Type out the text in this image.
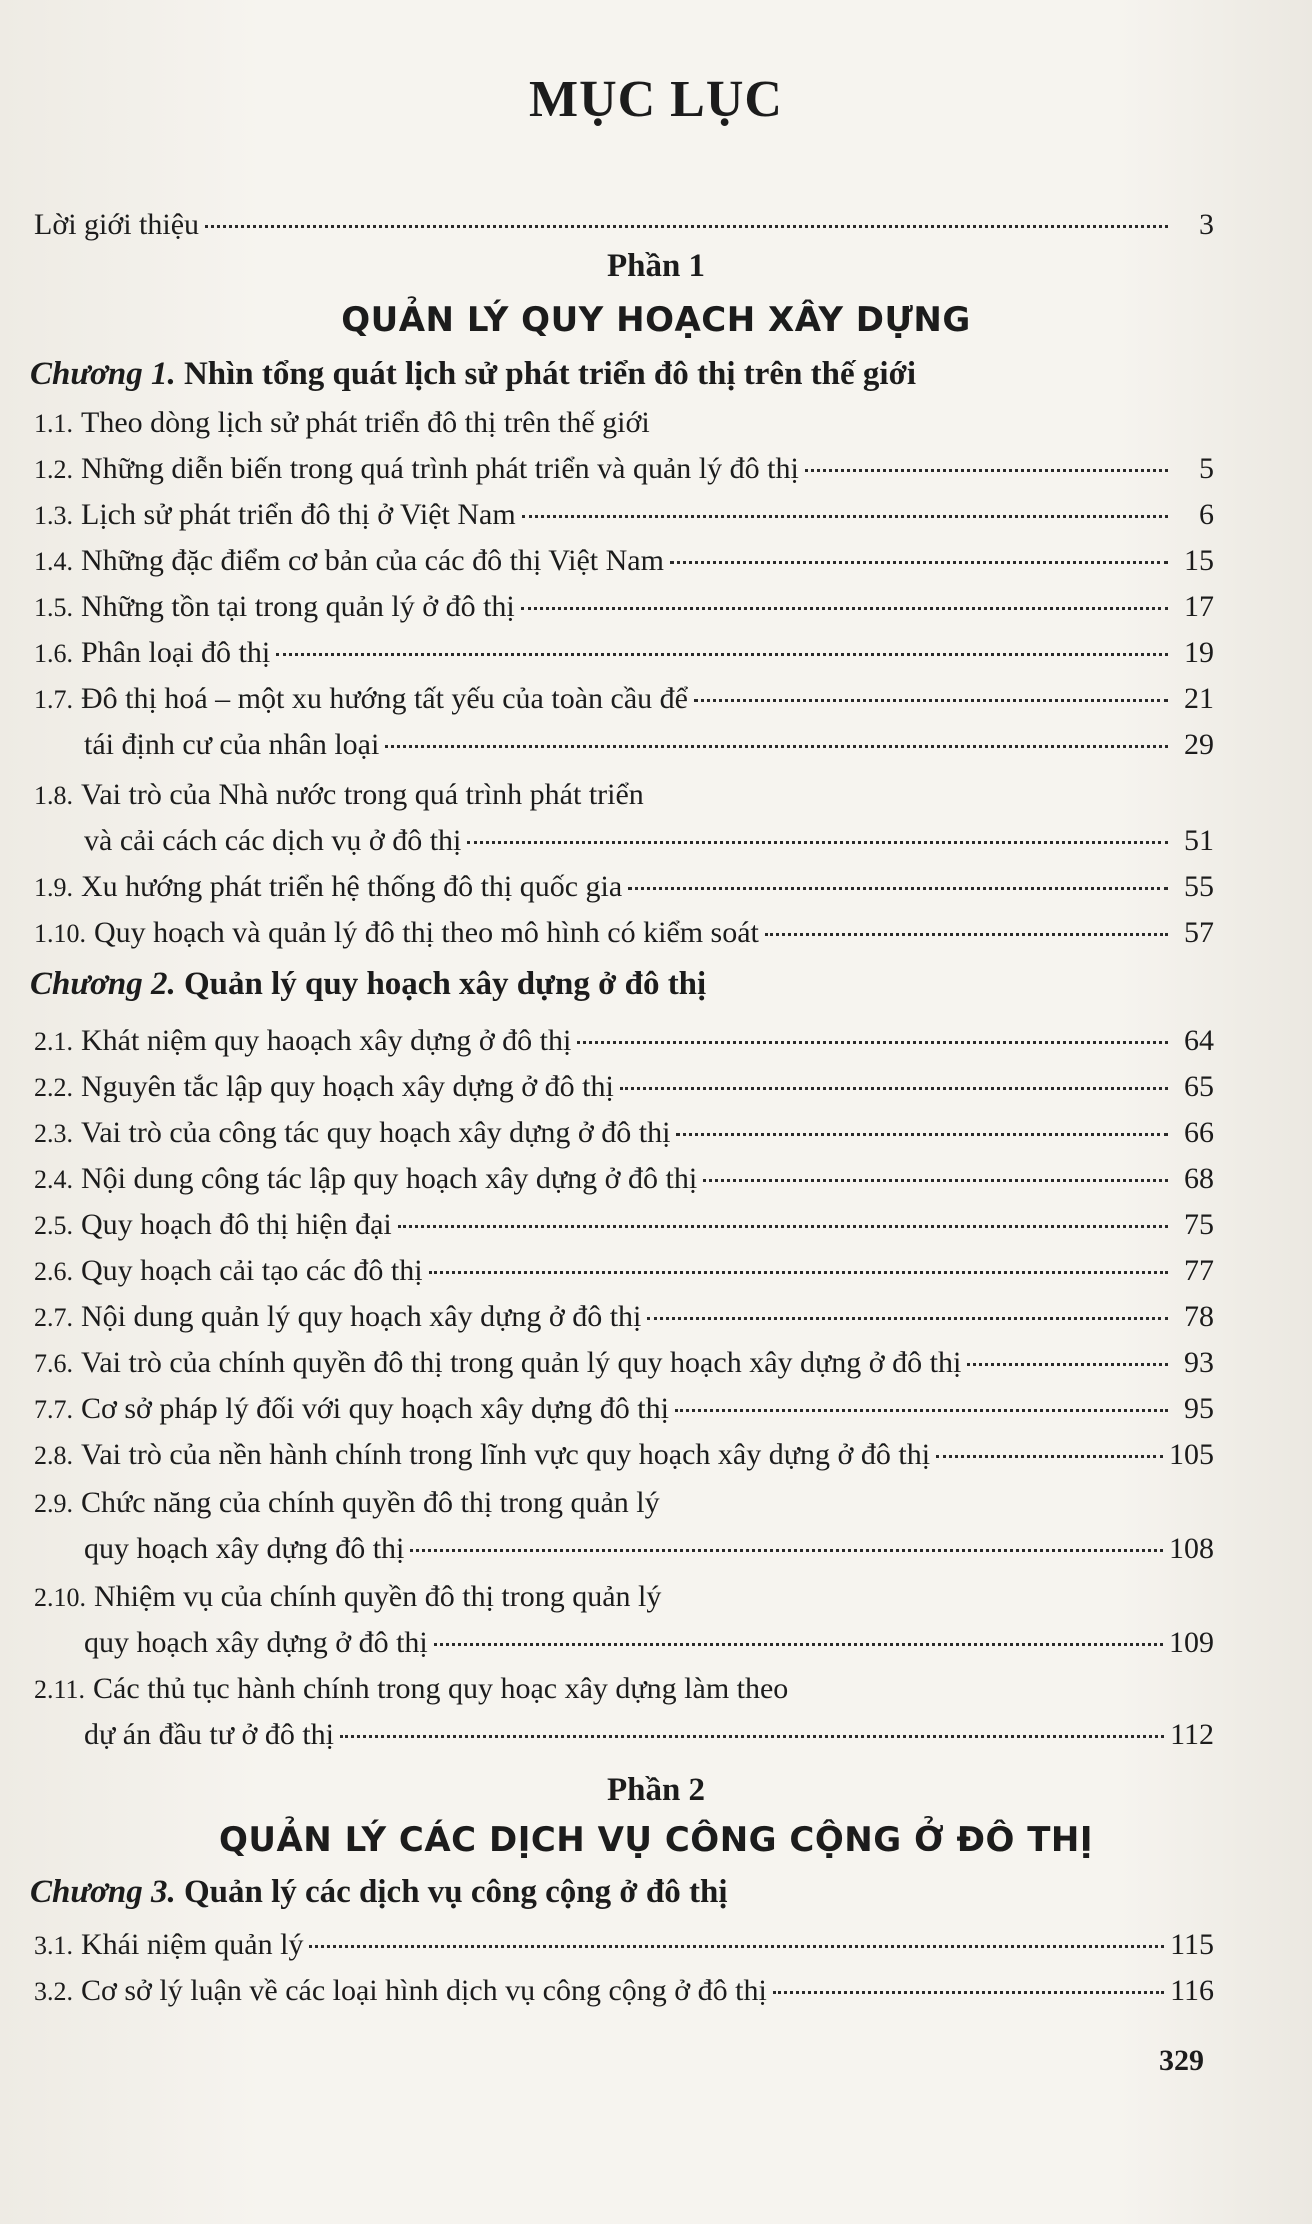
MỤC LỤC
Lời giới thiệu	3
Phần 1
QUẢN LÝ QUY HOẠCH XÂY DỰNG
Chương 1. Nhìn tổng quát lịch sử phát triển đô thị trên thế giới
1.1. Theo dòng lịch sử phát triển đô thị trên thế giới
1.2. Những diễn biến trong quá trình phát triển và quản lý đô thị	5
1.3. Lịch sử phát triển đô thị ở Việt Nam	6
1.4. Những đặc điểm cơ bản của các đô thị Việt Nam	15
1.5. Những tồn tại trong quản lý ở đô thị	17
1.6. Phân loại đô thị	19
1.7. Đô thị hoá – một xu hướng tất yếu của toàn cầu để	21
tái định cư của nhân loại	29
1.8. Vai trò của Nhà nước trong quá trình phát triển
và cải cách các dịch vụ ở đô thị	51
1.9. Xu hướng phát triển hệ thống đô thị quốc gia	55
1.10. Quy hoạch và quản lý đô thị theo mô hình có kiểm soát	57
Chương 2. Quản lý quy hoạch xây dựng ở đô thị
2.1. Khát niệm quy haoạch xây dựng ở đô thị	64
2.2. Nguyên tắc lập quy hoạch xây dựng ở đô thị	65
2.3. Vai trò của công tác quy hoạch xây dựng ở đô thị	66
2.4. Nội dung công tác lập quy hoạch xây dựng ở đô thị	68
2.5. Quy hoạch đô thị hiện đại	75
2.6. Quy hoạch cải tạo các đô thị	77
2.7. Nội dung quản lý quy hoạch xây dựng ở đô thị	78
7.6. Vai trò của chính quyền đô thị trong quản lý quy hoạch xây dựng ở đô thị	93
7.7. Cơ sở pháp lý đối với quy hoạch xây dựng đô thị	95
2.8. Vai trò của nền hành chính trong lĩnh vực quy hoạch xây dựng ở đô thị	105
2.9. Chức năng của chính quyền đô thị trong quản lý
quy hoạch xây dựng đô thị	108
2.10. Nhiệm vụ của chính quyền đô thị trong quản lý
quy hoạch xây dựng ở đô thị	109
2.11. Các thủ tục hành chính trong quy hoạc xây dựng làm theo
dự án đầu tư ở đô thị	112
Phần 2
QUẢN LÝ CÁC DỊCH VỤ CÔNG CỘNG Ở ĐÔ THỊ
Chương 3. Quản lý các dịch vụ công cộng ở đô thị
3.1. Khái niệm quản lý	115
3.2. Cơ sở lý luận về các loại hình dịch vụ công cộng ở đô thị	116
329
